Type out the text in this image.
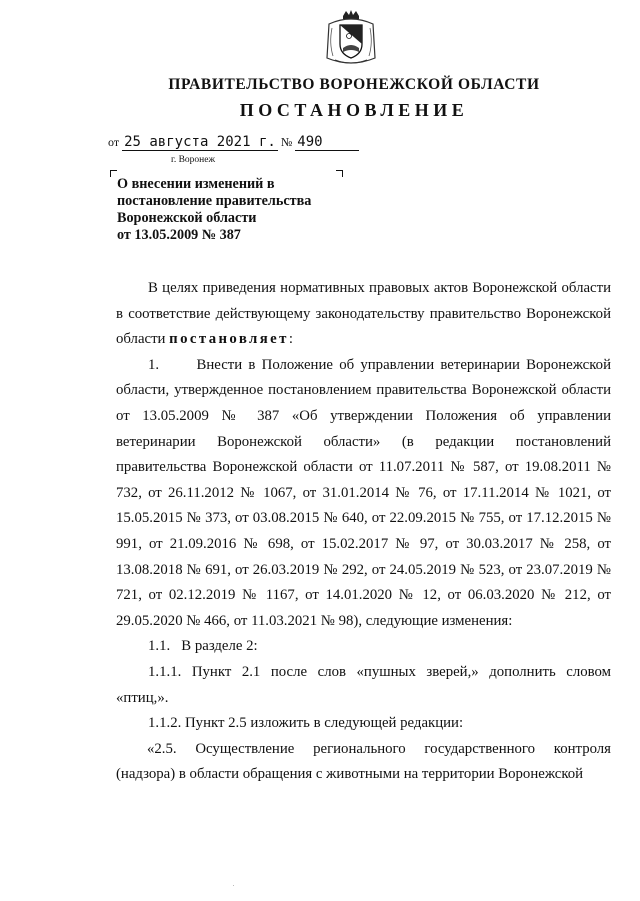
ПРАВИТЕЛЬСТВО ВОРОНЕЖСКОЙ ОБЛАСТИ
ПОСТАНОВЛЕНИЕ
от 25 августа 2021 г. № 490
г. Воронеж
О внесении изменений в
постановление правительства
Воронежской области
от 13.05.2009 № 387

В целях приведения нормативных правовых актов Воронежской области в соответствие действующему законодательству правительство Воронежской области постановляет:

1.      Внести в Положение об управлении ветеринарии Воронежской области, утвержденное постановлением правительства Воронежской области от 13.05.2009 № 387 «Об утверждении Положения об управлении ветеринарии Воронежской области» (в редакции постановлений правительства Воронежской области от 11.07.2011 № 587, от 19.08.2011 № 732, от 26.11.2012 № 1067, от 31.01.2014 № 76, от 17.11.2014 № 1021, от 15.05.2015 № 373, от 03.08.2015 № 640, от 22.09.2015 № 755, от 17.12.2015 № 991, от 21.09.2016 № 698, от 15.02.2017 № 97, от 30.03.2017 № 258, от 13.08.2018 № 691, от 26.03.2019 № 292, от 24.05.2019 № 523, от 23.07.2019 № 721, от 02.12.2019 № 1167, от 14.01.2020 № 12, от 06.03.2020 № 212, от 29.05.2020 № 466, от 11.03.2021 № 98), следующие изменения:

1.1.   В разделе 2:

1.1.1. Пункт 2.1 после слов «пушных зверей,» дополнить словом «птиц,».

1.1.2. Пункт 2.5 изложить в следующей редакции:

«2.5. Осуществление регионального государственного контроля (надзора) в области обращения с животными на территории Воронежской
